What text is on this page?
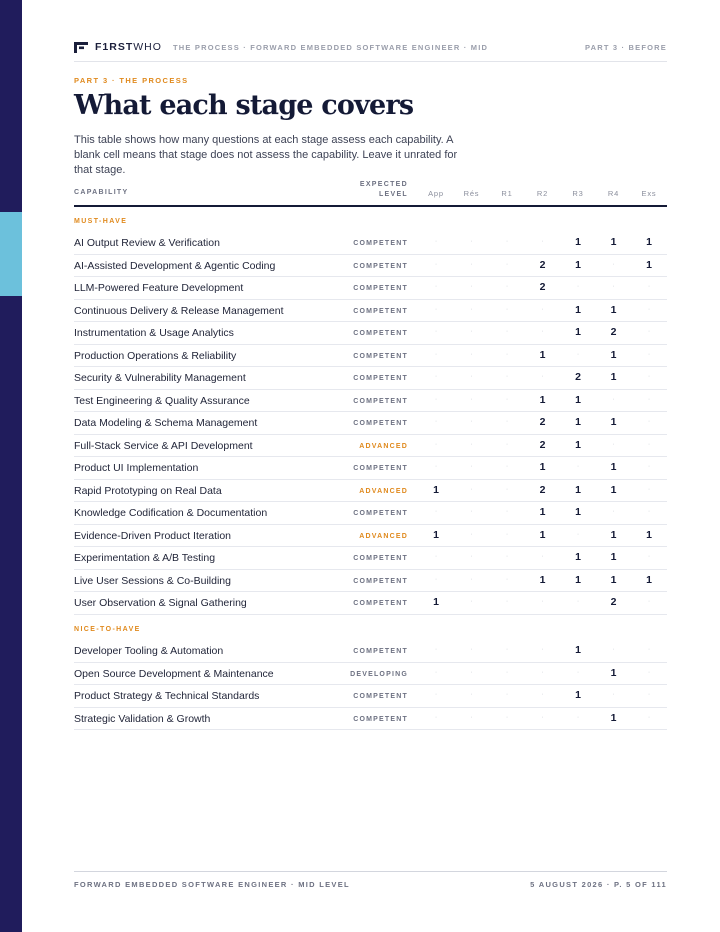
F1RSTWHO THE PROCESS · FORWARD EMBEDDED SOFTWARE ENGINEER · MID	PART 3 · BEFORE
PART 3 · THE PROCESS
What each stage covers

This table shows how many questions at each stage assess each capability. A blank cell means that stage does not assess the capability. Leave it unrated for that stage.

CAPABILITY
EXPECTED
LEVEL	App	Rés	R1	R2	R3	R4	Exs
MUST-HAVE
AI Output Review & Verification	COMPETENT	·	·	·	·	1	1	1
AI-Assisted Development & Agentic Coding	COMPETENT	·	·	·	2	1	·	1
LLM-Powered Feature Development	COMPETENT	·	·	·	2	·	·	·
Continuous Delivery & Release Management	COMPETENT	·	·	·	·	1	1	·
Instrumentation & Usage Analytics	COMPETENT	·	·	·	·	1	2	·
Production Operations & Reliability	COMPETENT	·	·	·	1	·	1	·
Security & Vulnerability Management	COMPETENT	·	·	·	·	2	1	·
Test Engineering & Quality Assurance	COMPETENT	·	·	·	1	1	·	·
Data Modeling & Schema Management	COMPETENT	·	·	·	2	1	1	·
Full-Stack Service & API Development	ADVANCED	·	·	·	2	1	·	·
Product UI Implementation	COMPETENT	·	·	·	1	·	1	·
Rapid Prototyping on Real Data	ADVANCED	1	·	·	2	1	1	·
Knowledge Codification & Documentation	COMPETENT	·	·	·	1	1	·	·
Evidence-Driven Product Iteration	ADVANCED	1	·	·	1	·	1	1
Experimentation & A/B Testing	COMPETENT	·	·	·	·	1	1	·
Live User Sessions & Co-Building	COMPETENT	·	·	·	1	1	1	1
User Observation & Signal Gathering	COMPETENT	1	·	·	·	·	2	·
NICE-TO-HAVE
Developer Tooling & Automation	COMPETENT	·	·	·	·	1	·	·
Open Source Development & Maintenance	DEVELOPING	·	·	·	·	·	1	·
Product Strategy & Technical Standards	COMPETENT	·	·	·	·	1	·	·
Strategic Validation & Growth	COMPETENT	·	·	·	·	·	1	·
FORWARD EMBEDDED SOFTWARE ENGINEER · MID LEVEL	5 AUGUST 2026 · P. 5 OF 111
